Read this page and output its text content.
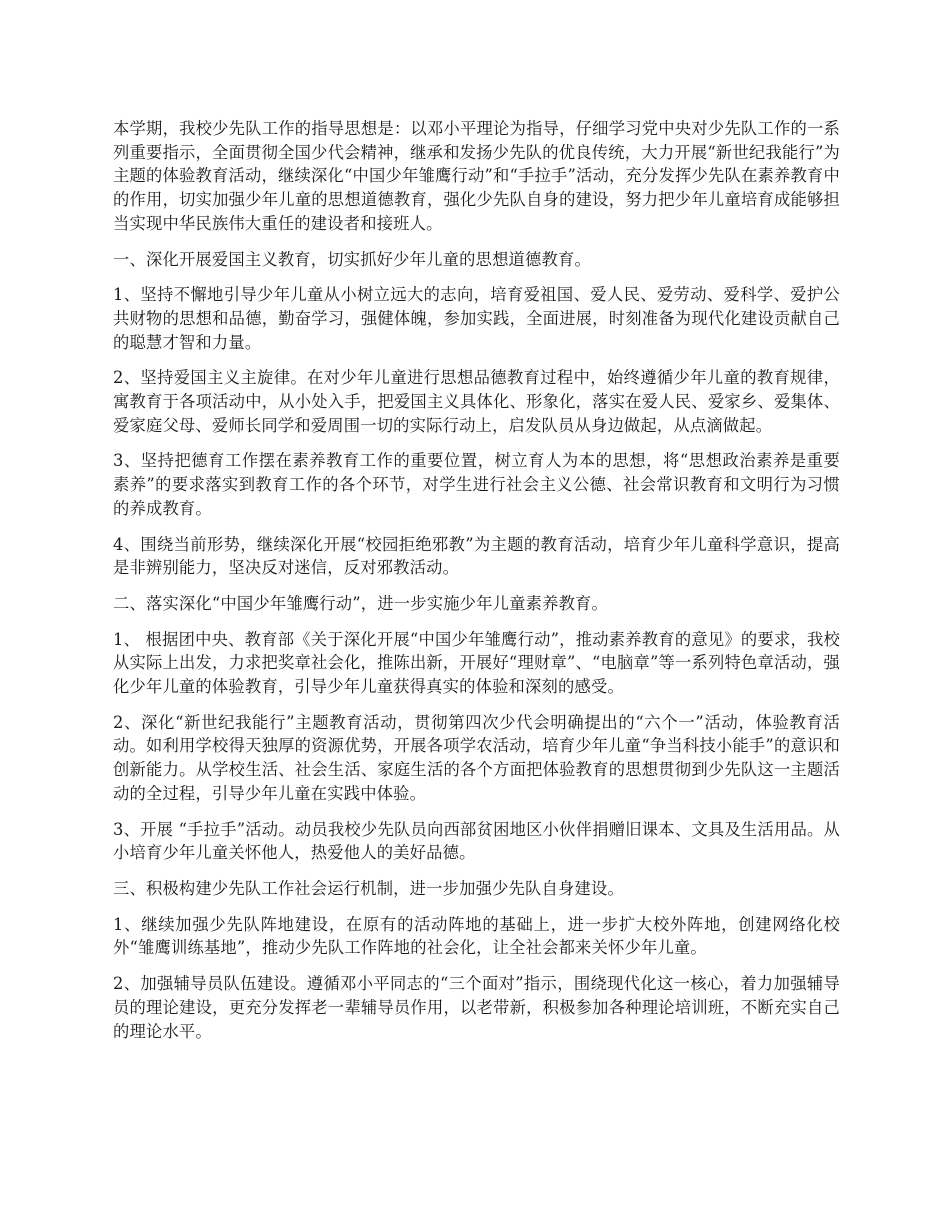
本学期，我校少先队工作的指导思想是：以邓小平理论为指导，仔细学习党中央对少先队工作的一系列重要指示，全面贯彻全国少代会精神，继承和发扬少先队的优良传统，大力开展“新世纪我能行”为主题的体验教育活动，继续深化“中国少年雏鹰行动”和“手拉手”活动，充分发挥少先队在素养教育中的作用，切实加强少年儿童的思想道德教育，强化少先队自身的建设，努力把少年儿童培育成能够担当实现中华民族伟大重任的建设者和接班人。

一、深化开展爱国主义教育，切实抓好少年儿童的思想道德教育。

1、坚持不懈地引导少年儿童从小树立远大的志向，培育爱祖国、爱人民、爱劳动、爱科学、爱护公共财物的思想和品德，勤奋学习，强健体魄，参加实践，全面进展，时刻准备为现代化建设贡献自己的聪慧才智和力量。

2、坚持爱国主义主旋律。在对少年儿童进行思想品德教育过程中，始终遵循少年儿童的教育规律，寓教育于各项活动中，从小处入手，把爱国主义具体化、形象化，落实在爱人民、爱家乡、爱集体、爱家庭父母、爱师长同学和爱周围一切的实际行动上，启发队员从身边做起，从点滴做起。

3、坚持把德育工作摆在素养教育工作的重要位置，树立育人为本的思想，将“思想政治素养是重要素养”的要求落实到教育工作的各个环节，对学生进行社会主义公德、社会常识教育和文明行为习惯的养成教育。

4、围绕当前形势，继续深化开展“校园拒绝邪教”为主题的教育活动，培育少年儿童科学意识，提高是非辨别能力，坚决反对迷信，反对邪教活动。

二、落实深化“中国少年雏鹰行动”，进一步实施少年儿童素养教育。

1、 根据团中央、教育部《关于深化开展“中国少年雏鹰行动”，推动素养教育的意见》的要求，我校从实际上出发，力求把奖章社会化，推陈出新，开展好“理财章”、“电脑章”等一系列特色章活动，强化少年儿童的体验教育，引导少年儿童获得真实的体验和深刻的感受。

2、深化“新世纪我能行”主题教育活动，贯彻第四次少代会明确提出的“六个一”活动，体验教育活动。如利用学校得天独厚的资源优势，开展各项学农活动，培育少年儿童“争当科技小能手”的意识和创新能力。从学校生活、社会生活、家庭生活的各个方面把体验教育的思想贯彻到少先队这一主题活动的全过程，引导少年儿童在实践中体验。

3、开展 “手拉手”活动。动员我校少先队员向西部贫困地区小伙伴捐赠旧课本、文具及生活用品。从小培育少年儿童关怀他人，热爱他人的美好品德。

三、积极构建少先队工作社会运行机制，进一步加强少先队自身建设。

1、继续加强少先队阵地建设，在原有的活动阵地的基础上，进一步扩大校外阵地，创建网络化校外“雏鹰训练基地”，推动少先队工作阵地的社会化，让全社会都来关怀少年儿童。

2、加强辅导员队伍建设。遵循邓小平同志的“三个面对”指示，围绕现代化这一核心，着力加强辅导员的理论建设，更充分发挥老一辈辅导员作用，以老带新，积极参加各种理论培训班，不断充实自己的理论水平。
